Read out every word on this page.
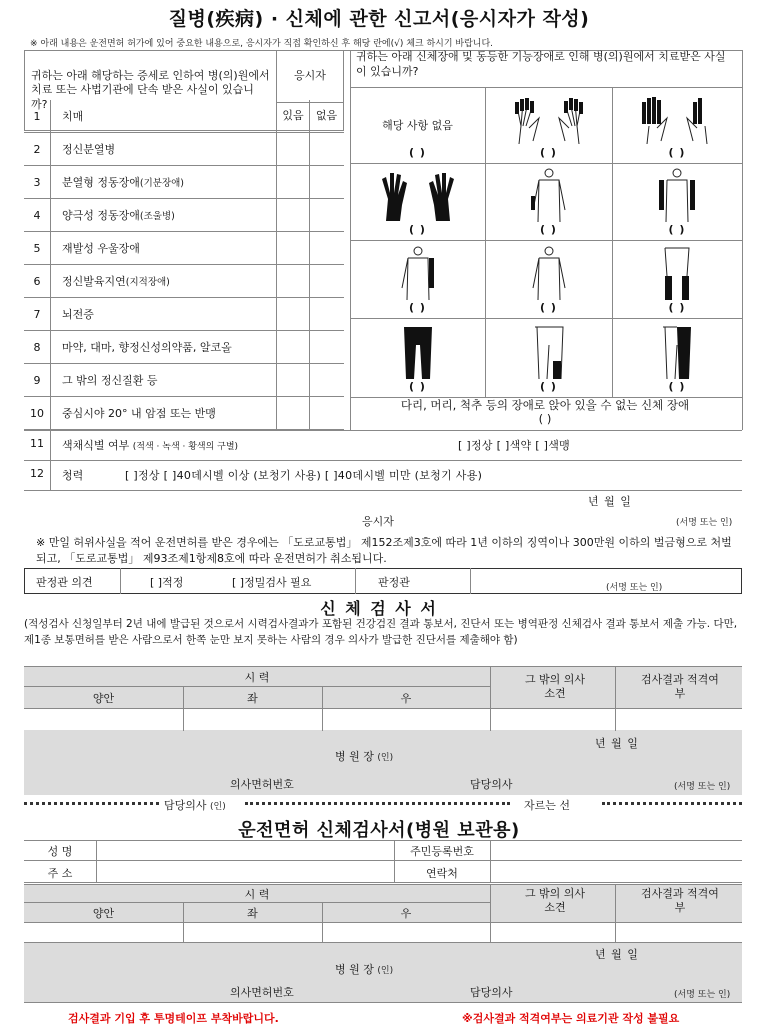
질병(疾病) · 신체에 관한 신고서(응시자가 작성)
※ 아래 내용은 운전면허 허가에 있어 중요한 내용으로, 응시자가 직접 확인하신 후 해당 란에(√) 체크 하시기 바랍니다.
귀하는 아래 해당하는 증세로 인하여 병(의)원에서 치료 또는 사법기관에 단속 받은 사실이 있습니까?	응시자	
	있음	없음
1	치매
2	정신분열병
3	분열형 정동장애(기분장애)
4	양극성 정동장애(조울병)
5	재발성 우울장애
6	정신발육지연(지적장애)
7	뇌전증
8	마약, 대마, 향정신성의약품, 알코올
9	그 밖의 정신질환 등
10	중심시야 20° 내 암점 또는 반맹
귀하는 아래 신체장애 및 동등한 기능장애로 인해 병(의)원에서 치료받은 사실이 있습니까?
해당 사항 없음
( )	( )	( )
( )	( )	( )
( )	( )	( )
( )	( )	( )
다리, 머리, 척추 등의 장애로 앉아 있을 수 없는 신체 장애 ( )
11	색채식별 여부 (적색 · 녹색 · 황색의 구별)	[ ]정상 [ ]색약 [ ]색맹
12	청력	[ ]정상 [ ]40데시벨 이상 (보청기 사용) [ ]40데시벨 미만 (보청기 사용)
년 월 일
응시자	(서명 또는 인)
※ 만일 허위사실을 적어 운전면허를 받은 경우에는 「도로교통법」 제152조제3호에 따라 1년 이하의 징역이나 300만원 이하의 벌금형으로 처벌되고, 「도로교통법」 제93조제1항제8호에 따라 운전면허가 취소됩니다.
판정관 의견	[ ]적정	[ ]정밀검사 필요	판정관	(서명 또는 인)
신 체 검 사 서
(적성검사 신청일부터 2년 내에 발급된 것으로서 시력검사결과가 포함된 건강검진 결과 통보서, 진단서 또는 병역판정 신체검사 결과 통보서 제출 가능. 다만, 제1종 보통면허를 받은 사람으로서 한쪽 눈만 보지 못하는 사람의 경우 의사가 발급한 진단서를 제출해야 함)
시 력
양안	좌	우
그 밖의 의사소견
검사결과 적격여부
년 월 일
병 원 장 (인)
의사면허번호	담당의사	(서명 또는 인)
담당의사 (인)	자르는 선
운전면허 신체검사서(병원 보관용)
성 명	주민등록번호
주 소	연락처
시 력
양안	좌	우
그 밖의 의사소견
검사결과 적격여부
년 월 일
병 원 장 (인)
의사면허번호	담당의사	(서명 또는 인)
검사결과 기입 후 투명테이프 부착바랍니다.	※검사결과 적격여부는 의료기관 작성 불필요
